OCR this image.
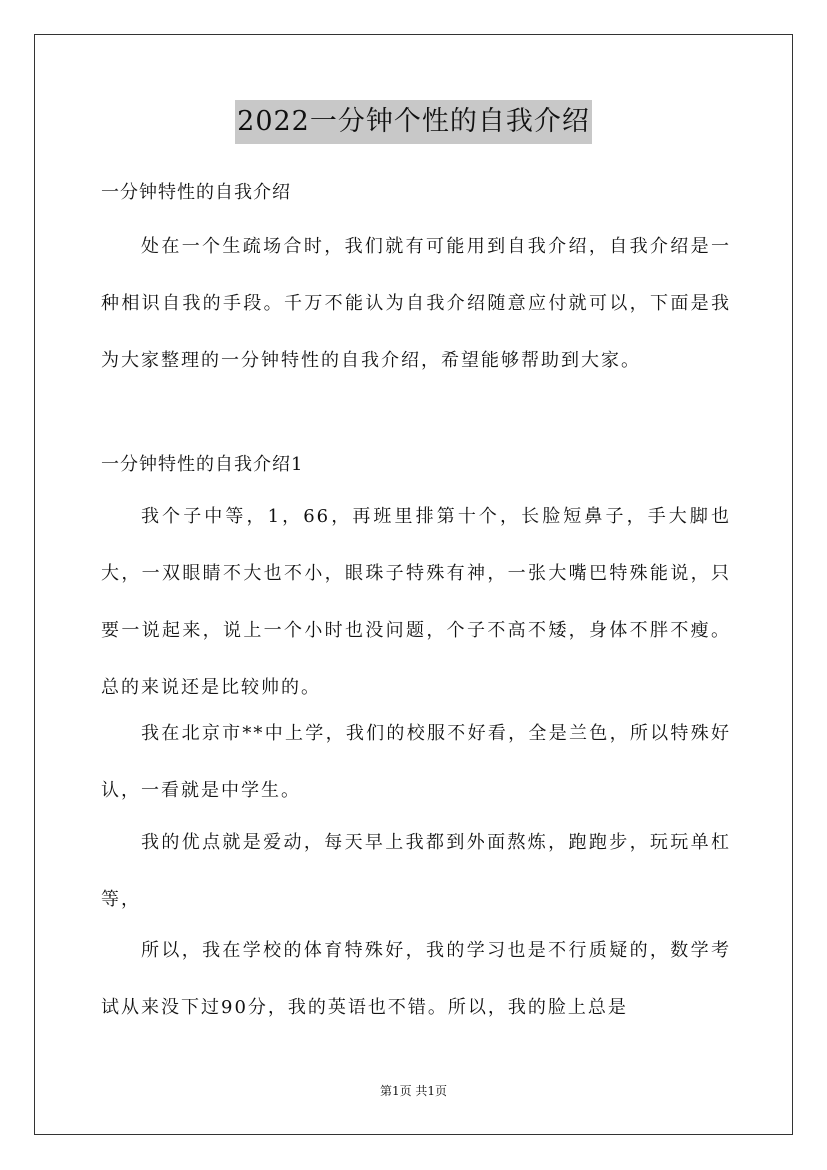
2022一分钟个性的自我介绍
一分钟特性的自我介绍

处在一个生疏场合时，我们就有可能用到自我介绍，自我介绍是一种相识自我的手段。千万不能认为自我介绍随意应付就可以，下面是我为大家整理的一分钟特性的自我介绍，希望能够帮助到大家。

一分钟特性的自我介绍1

我个子中等，1，66，再班里排第十个，长脸短鼻子，手大脚也大，一双眼睛不大也不小，眼珠子特殊有神，一张大嘴巴特殊能说，只要一说起来，说上一个小时也没问题，个子不高不矮，身体不胖不瘦。总的来说还是比较帅的。

我在北京市**中上学，我们的校服不好看，全是兰色，所以特殊好认，一看就是中学生。

我的优点就是爱动，每天早上我都到外面熬炼，跑跑步，玩玩单杠等，

所以，我在学校的体育特殊好，我的学习也是不行质疑的，数学考试从来没下过90分，我的英语也不错。所以，我的脸上总是

第1页 共1页
